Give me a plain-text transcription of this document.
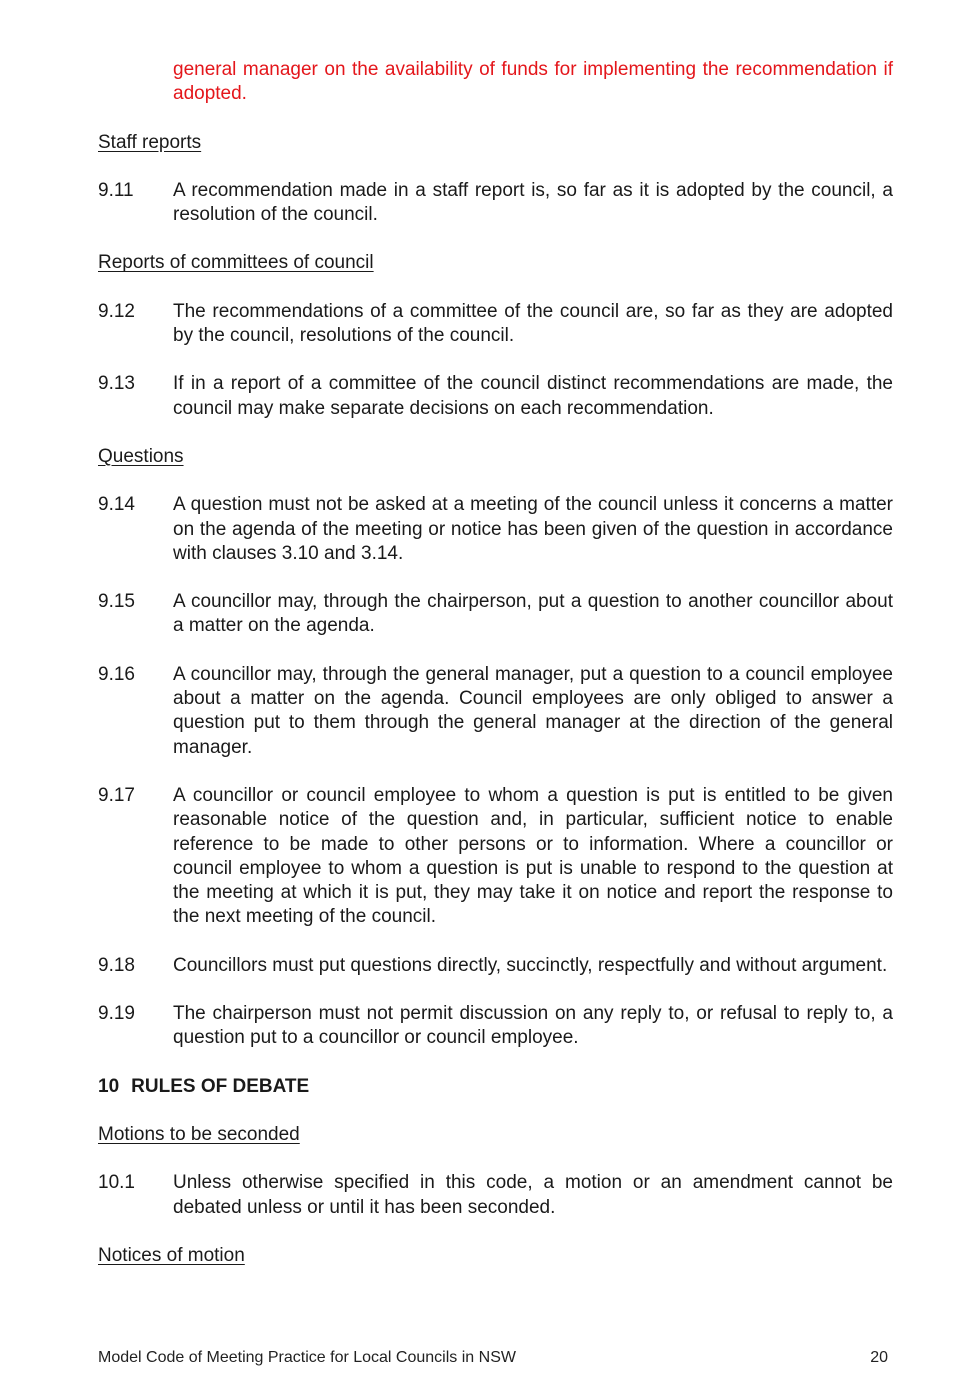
general manager on the availability of funds for implementing the recommendation if adopted.
Staff reports
9.11	A recommendation made in a staff report is, so far as it is adopted by the council, a resolution of the council.
Reports of committees of council
9.12	The recommendations of a committee of the council are, so far as they are adopted by the council, resolutions of the council.
9.13	If in a report of a committee of the council distinct recommendations are made, the council may make separate decisions on each recommendation.
Questions
9.14	A question must not be asked at a meeting of the council unless it concerns a matter on the agenda of the meeting or notice has been given of the question in accordance with clauses 3.10 and 3.14.
9.15	A councillor may, through the chairperson, put a question to another councillor about a matter on the agenda.
9.16	A councillor may, through the general manager, put a question to a council employee about a matter on the agenda. Council employees are only obliged to answer a question put to them through the general manager at the direction of the general manager.
9.17	A councillor or council employee to whom a question is put is entitled to be given reasonable notice of the question and, in particular, sufficient notice to enable reference to be made to other persons or to information. Where a councillor or council employee to whom a question is put is unable to respond to the question at the meeting at which it is put, they may take it on notice and report the response to the next meeting of the council.
9.18	Councillors must put questions directly, succinctly, respectfully and without argument.
9.19	The chairperson must not permit discussion on any reply to, or refusal to reply to, a question put to a councillor or council employee.
10 RULES OF DEBATE
Motions to be seconded
10.1	Unless otherwise specified in this code, a motion or an amendment cannot be debated unless or until it has been seconded.
Notices of motion
Model Code of Meeting Practice for Local Councils in NSW	20
